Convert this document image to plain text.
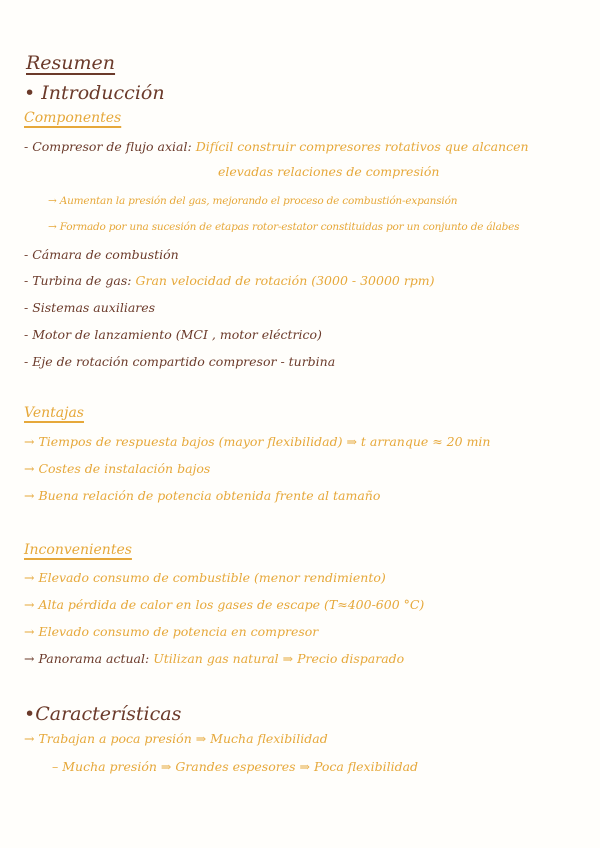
Resumen
• Introducción
Componentes
- Compresor de flujo axial: Difícil construir compresores rotativos que alcancen
elevadas relaciones de compresión
→ Aumentan la presión del gas, mejorando el proceso de combustión-expansión
→ Formado por una sucesión de etapas rotor-estator constituidas por un conjunto de álabes
- Cámara de combustión
- Turbina de gas: Gran velocidad de rotación (3000 - 30000 rpm)
- Sistemas auxiliares
- Motor de lanzamiento (MCI , motor eléctrico)
- Eje de rotación compartido compresor - turbina
Ventajas
→ Tiempos de respuesta bajos (mayor flexibilidad) ⇒ t arranque ≈ 20 min
→ Costes de instalación bajos
→ Buena relación de potencia obtenida frente al tamaño
Inconvenientes
→ Elevado consumo de combustible (menor rendimiento)
→ Alta pérdida de calor en los gases de escape (T≈400-600 °C)
→ Elevado consumo de potencia en compresor
→ Panorama actual: Utilizan gas natural ⇒ Precio disparado
•Características
→ Trabajan a poca presión ⇒ Mucha flexibilidad
– Mucha presión ⇒ Grandes espesores ⇒ Poca flexibilidad
